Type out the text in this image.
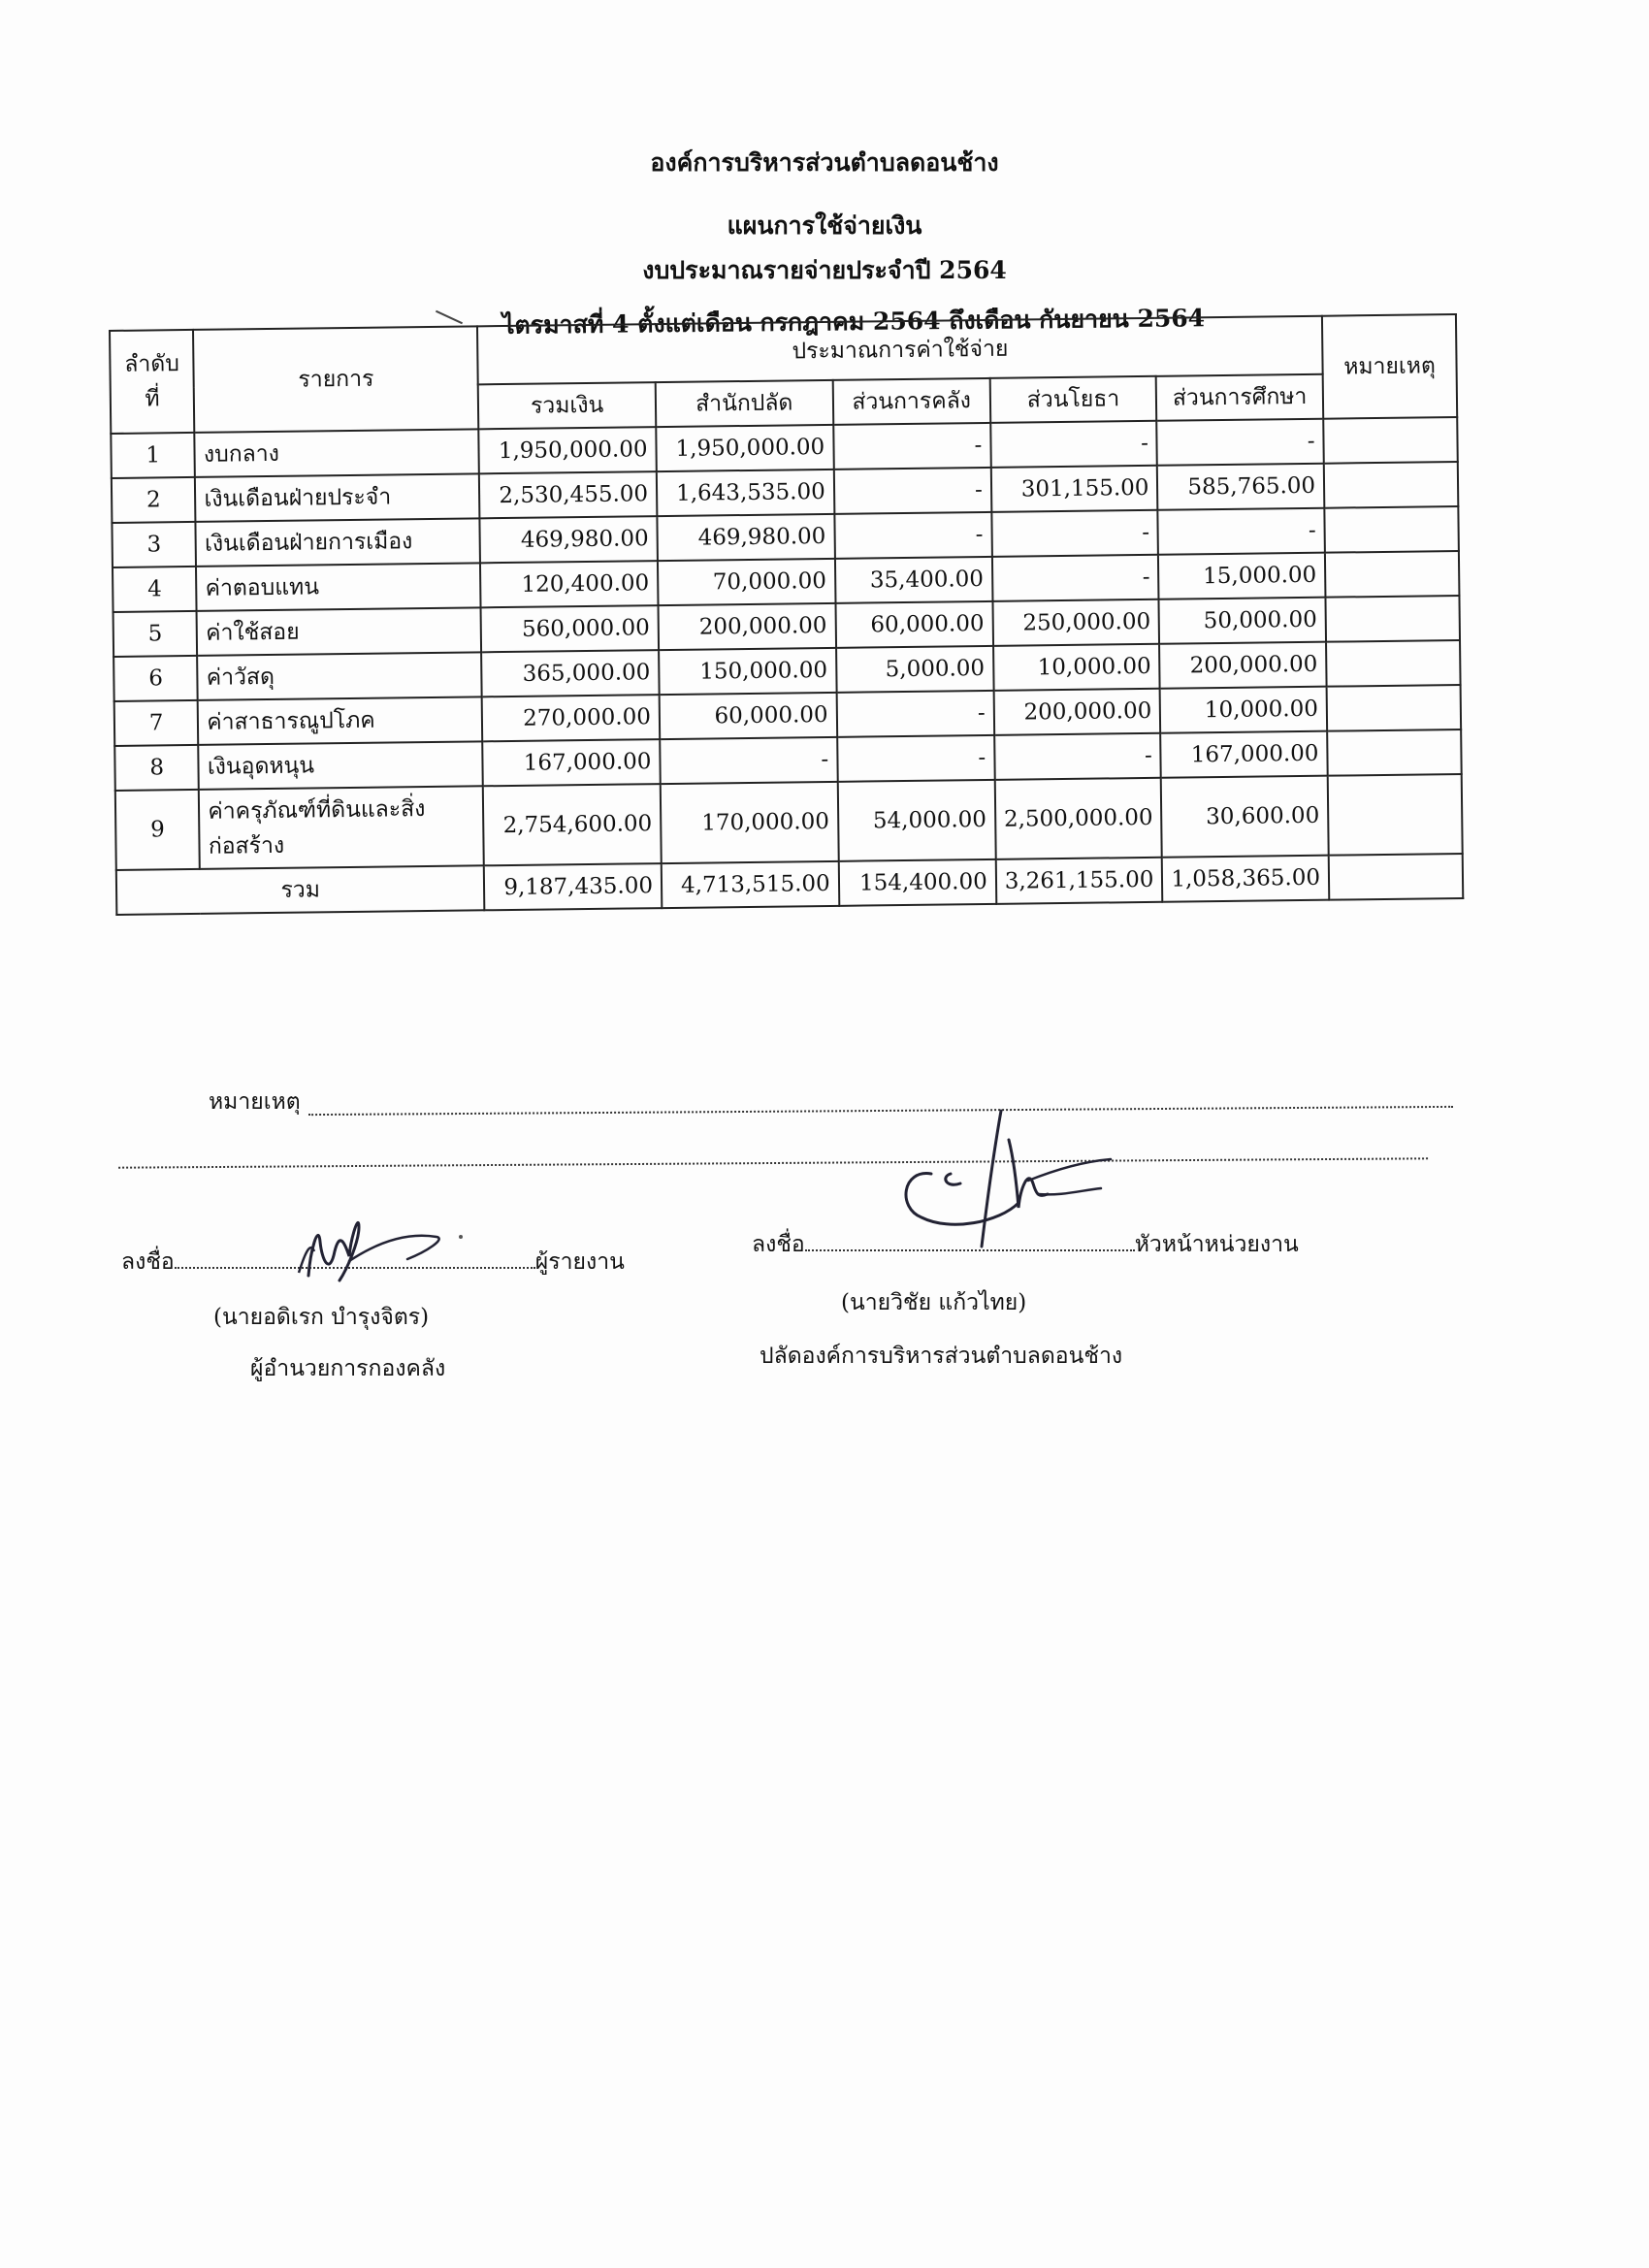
องค์การบริหารส่วนตำบลดอนช้าง
แผนการใช้จ่ายเงิน
งบประมาณรายจ่ายประจำปี 2564
ไตรมาสที่ 4 ตั้งแต่เดือน กรกฎาคม 2564 ถึงเดือน กันยายน 2564
ลำดับที่	รายการ	ประมาณการค่าใช้จ่าย					หมายเหตุ
		รวมเงิน	สำนักปลัด	ส่วนการคลัง	ส่วนโยธา	ส่วนการศึกษา	
1	งบกลาง	1,950,000.00	1,950,000.00	-	-	-	
2	เงินเดือนฝ่ายประจำ	2,530,455.00	1,643,535.00	-	301,155.00	585,765.00	
3	เงินเดือนฝ่ายการเมือง	469,980.00	469,980.00	-	-	-	
4	ค่าตอบแทน	120,400.00	70,000.00	35,400.00	-	15,000.00	
5	ค่าใช้สอย	560,000.00	200,000.00	60,000.00	250,000.00	50,000.00	
6	ค่าวัสดุ	365,000.00	150,000.00	5,000.00	10,000.00	200,000.00	
7	ค่าสาธารณูปโภค	270,000.00	60,000.00	-	200,000.00	10,000.00	
8	เงินอุดหนุน	167,000.00	-	-	-	167,000.00	
9	ค่าครุภัณฑ์ที่ดินและสิ่งก่อสร้าง	2,754,600.00	170,000.00	54,000.00	2,500,000.00	30,600.00	
รวม		9,187,435.00	4,713,515.00	154,400.00	3,261,155.00	1,058,365.00	
หมายเหตุ
ลงชื่อ	ผู้รายงาน
(นายอดิเรก บำรุงจิตร)
ผู้อำนวยการกองคลัง
ลงชื่อ	หัวหน้าหน่วยงาน
(นายวิชัย แก้วไทย)
ปลัดองค์การบริหารส่วนตำบลดอนช้าง
